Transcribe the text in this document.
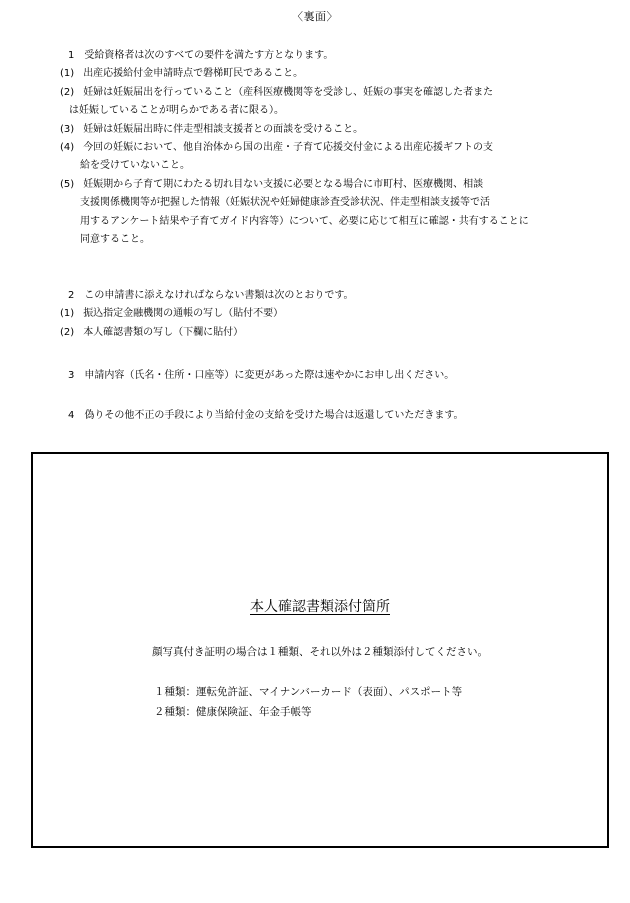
〈裏面〉
1　受給資格者は次のすべての要件を満たす方となります。
(1) 出産応援給付金申請時点で磐梯町民であること。
(2) 妊婦は妊娠届出を行っていること（産科医療機関等を受診し、妊娠の事実を確認した者また
は妊娠していることが明らかである者に限る）。
(3) 妊婦は妊娠届出時に伴走型相談支援者との面談を受けること。
(4) 今回の妊娠において、他自治体から国の出産・子育て応援交付金による出産応援ギフトの支
給を受けていないこと。
(5) 妊娠期から子育て期にわたる切れ目ない支援に必要となる場合に市町村、医療機関、相談
支援関係機関等が把握した情報（妊娠状況や妊婦健康診査受診状況、伴走型相談支援等で活
用するアンケート結果や子育てガイド内容等）について、必要に応じて相互に確認・共有することに
同意すること。
2　この申請書に添えなければならない書類は次のとおりです。
(1) 振込指定金融機関の通帳の写し（貼付不要）
(2) 本人確認書類の写し（下欄に貼付）
3　申請内容（氏名・住所・口座等）に変更があった際は速やかにお申し出ください。
4　偽りその他不正の手段により当給付金の支給を受けた場合は返還していただきます。
本人確認書類添付箇所
顔写真付き証明の場合は１種類、それ以外は２種類添付してください。
１種類：運転免許証、マイナンバーカード（表面）、パスポート等
２種類：健康保険証、年金手帳等
